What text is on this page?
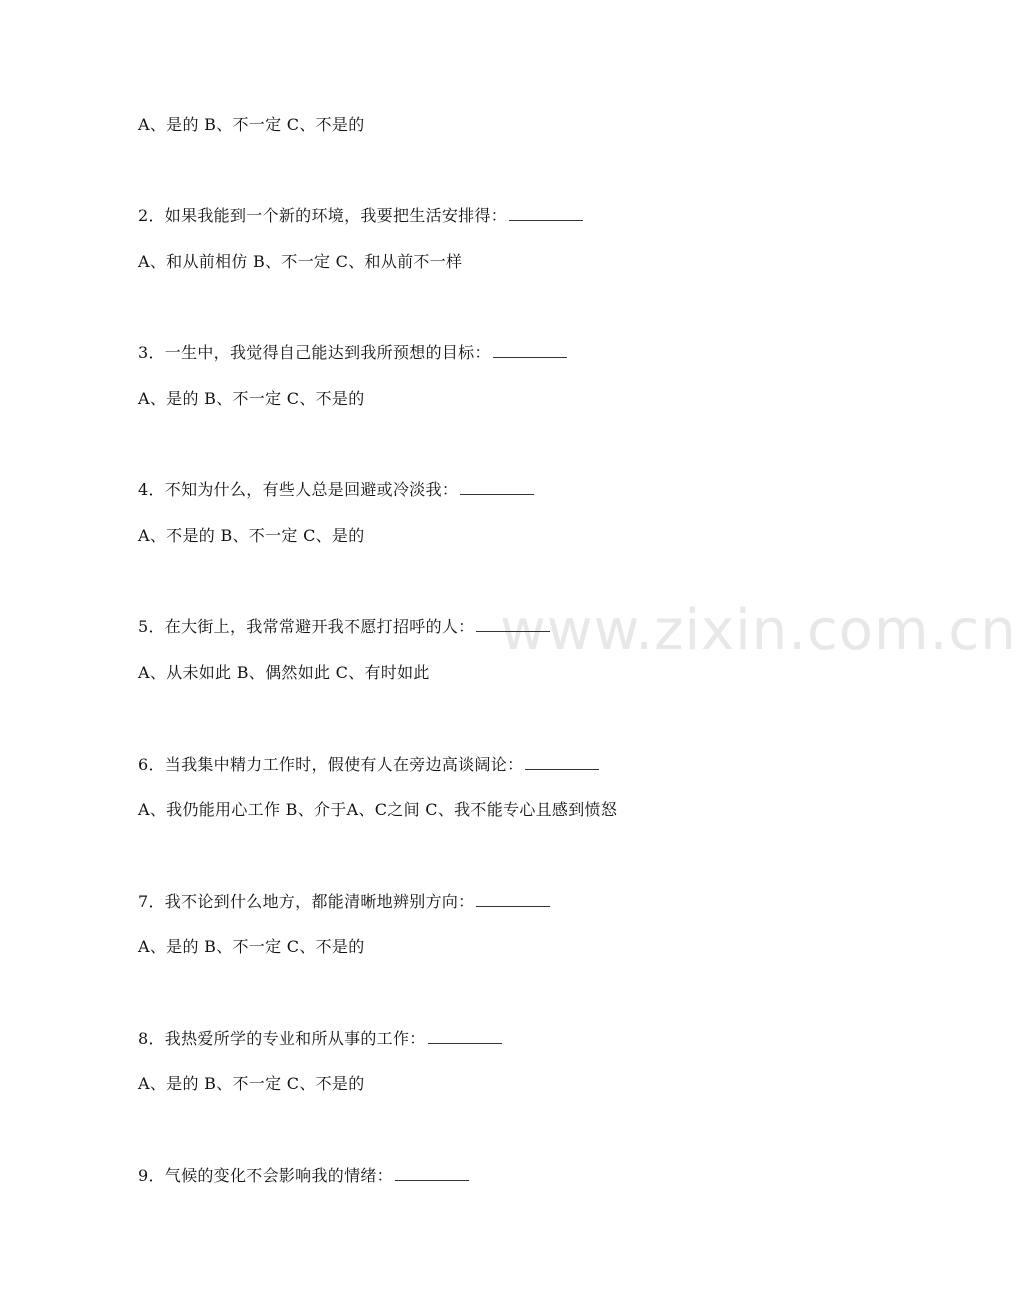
www.zixin.com.cn
A、是的 B、不一定 C、不是的
2．如果我能到一个新的环境，我要把生活安排得：
A、和从前相仿 B、不一定 C、和从前不一样
3．一生中，我觉得自己能达到我所预想的目标：
A、是的 B、不一定 C、不是的
4．不知为什么，有些人总是回避或冷淡我：
A、不是的 B、不一定 C、是的
5．在大街上，我常常避开我不愿打招呼的人：
A、从未如此 B、偶然如此 C、有时如此
6．当我集中精力工作时，假使有人在旁边高谈阔论：
A、我仍能用心工作 B、介于A、C之间 C、我不能专心且感到愤怒
7．我不论到什么地方，都能清晰地辨别方向：
A、是的 B、不一定 C、不是的
8．我热爱所学的专业和所从事的工作：
A、是的 B、不一定 C、不是的
9．气候的变化不会影响我的情绪：
